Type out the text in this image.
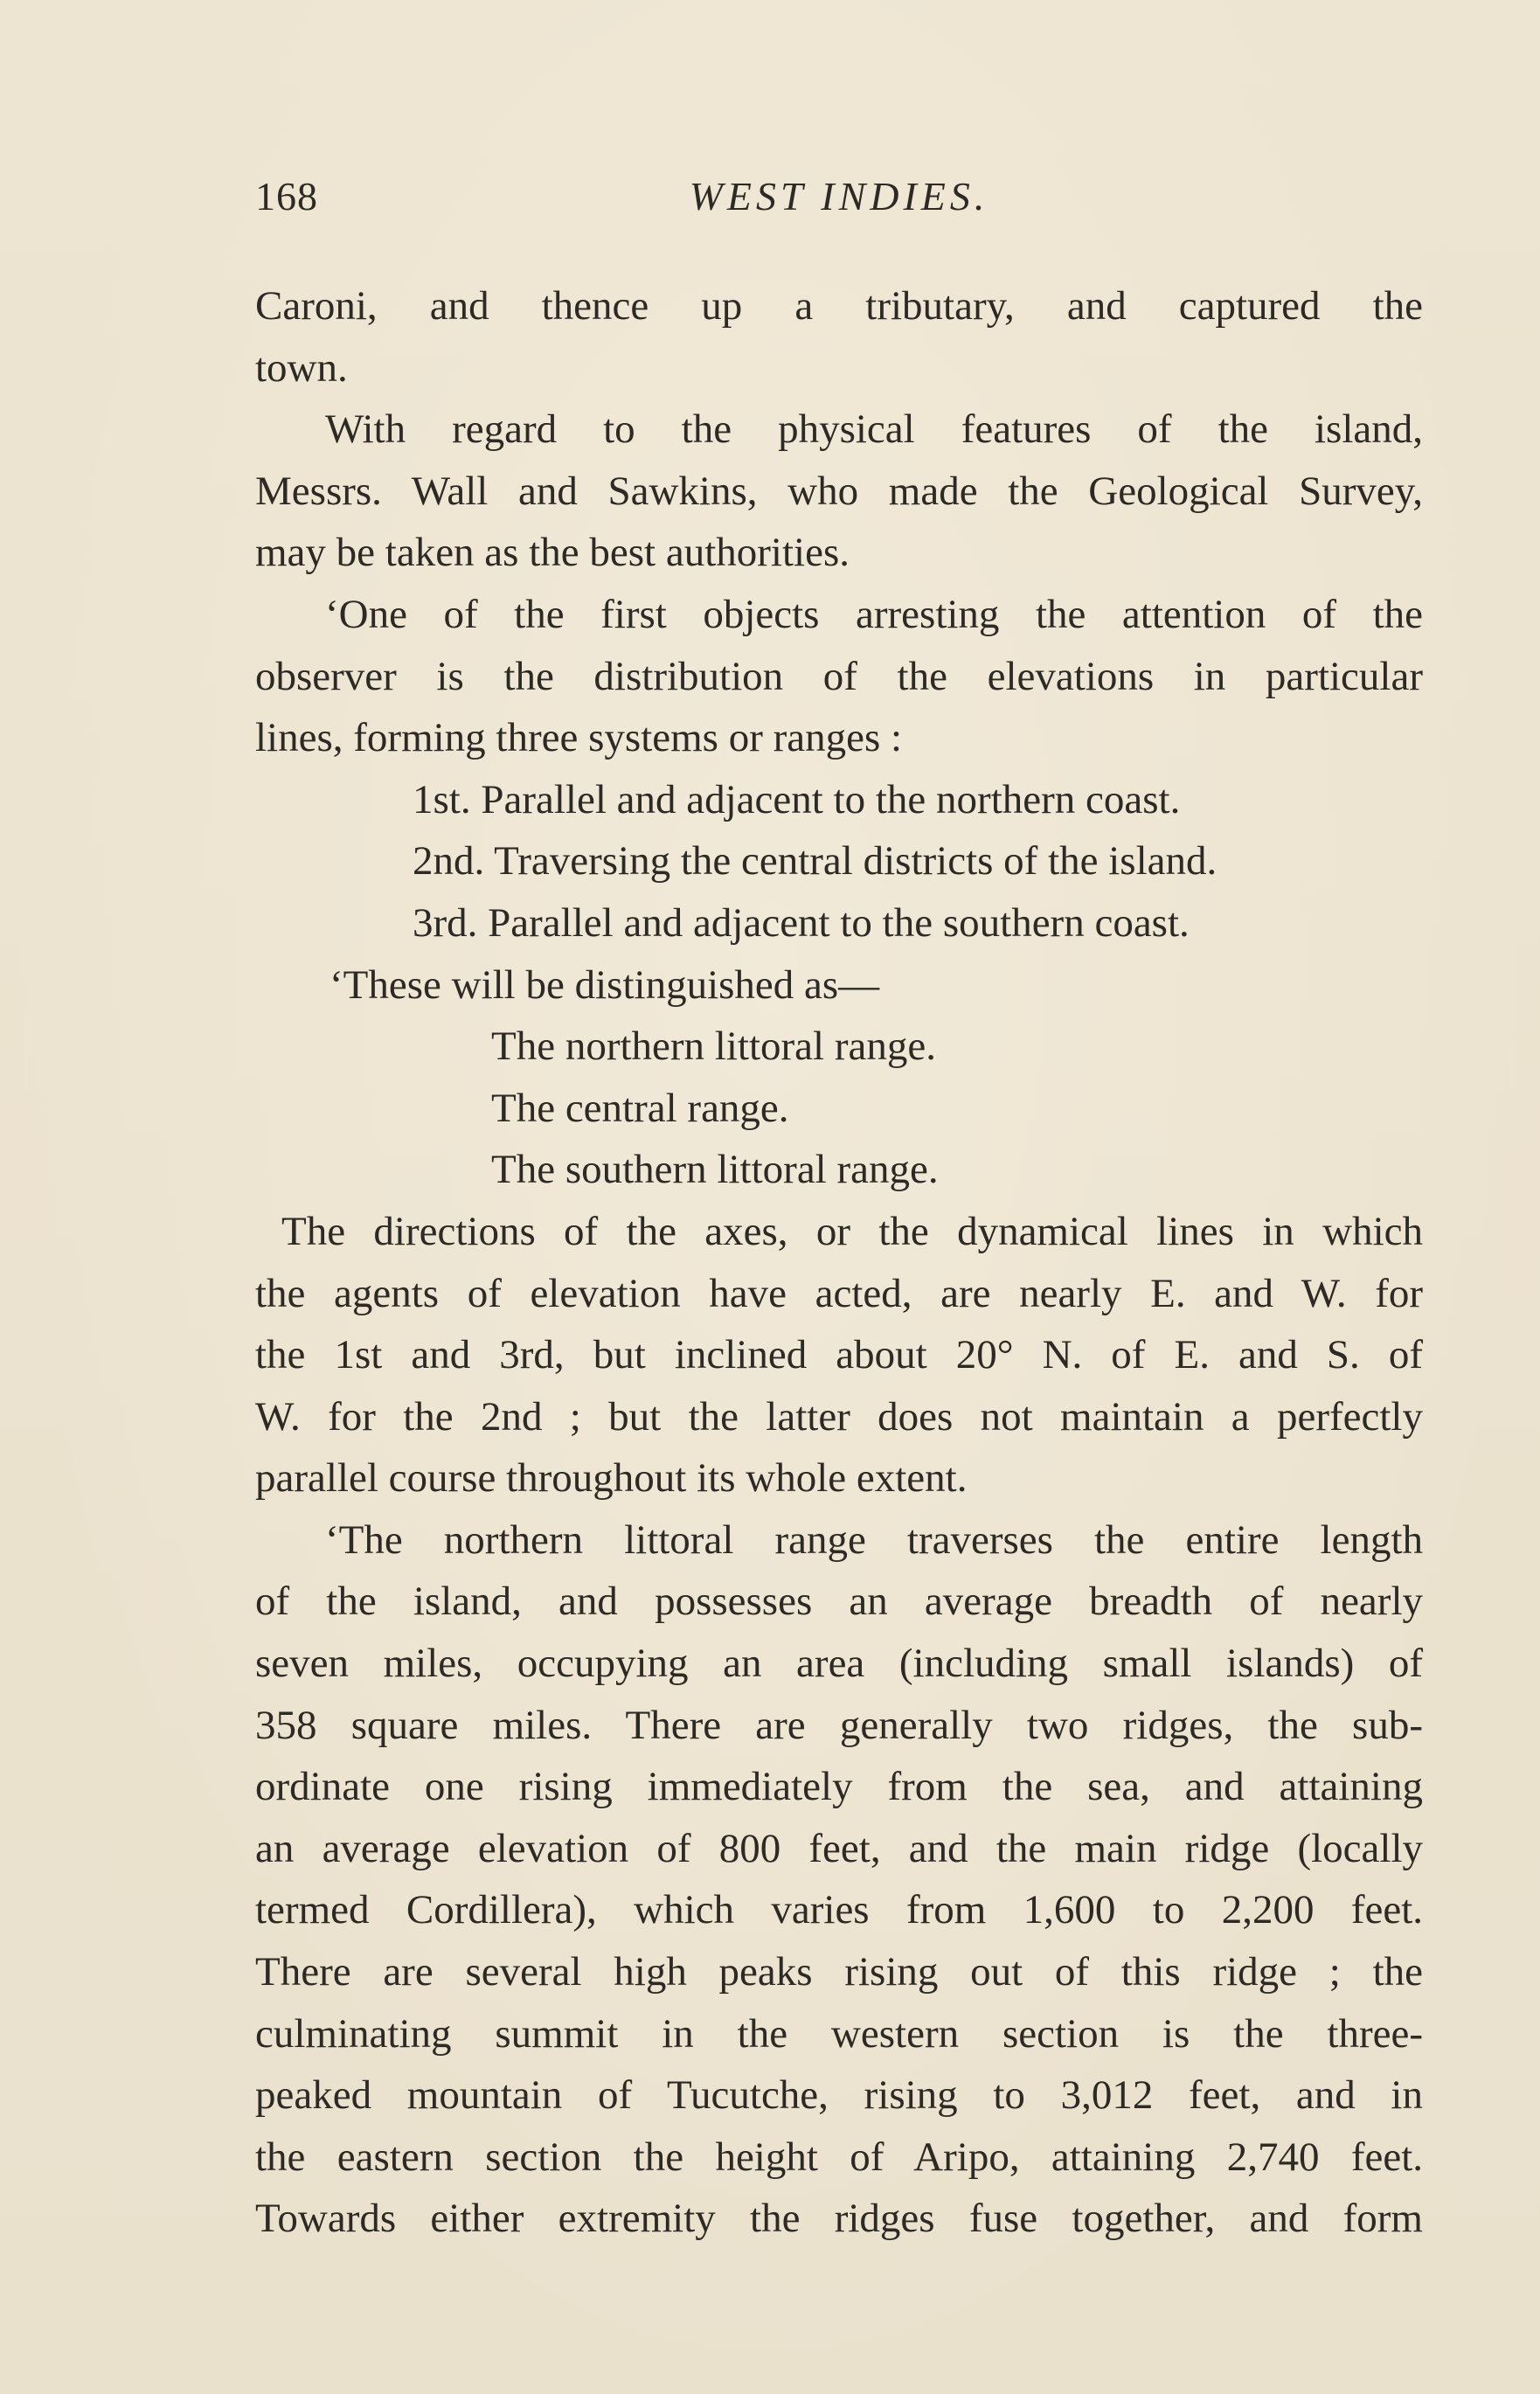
168	WEST INDIES.
Caroni, and thence up a tributary, and captured the
town.
With regard to the physical features of the island,
Messrs. Wall and Sawkins, who made the Geological Survey,
may be taken as the best authorities.
‘One of the first objects arresting the attention of the
observer is the distribution of the elevations in particular
lines, forming three systems or ranges :
1st. Parallel and adjacent to the northern coast.
2nd. Traversing the central districts of the island.
3rd. Parallel and adjacent to the southern coast.
‘These will be distinguished as—
The northern littoral range.
The central range.
The southern littoral range.
The directions of the axes, or the dynamical lines in which
the agents of elevation have acted, are nearly E. and W. for
the 1st and 3rd, but inclined about 20° N. of E. and S. of
W. for the 2nd ; but the latter does not maintain a perfectly
parallel course throughout its whole extent.
‘The northern littoral range traverses the entire length
of the island, and possesses an average breadth of nearly
seven miles, occupying an area (including small islands) of
358 square miles. There are generally two ridges, the sub-
ordinate one rising immediately from the sea, and attaining
an average elevation of 800 feet, and the main ridge (locally
termed Cordillera), which varies from 1,600 to 2,200 feet.
There are several high peaks rising out of this ridge ; the
culminating summit in the western section is the three-
peaked mountain of Tucutche, rising to 3,012 feet, and in
the eastern section the height of Aripo, attaining 2,740 feet.
Towards either extremity the ridges fuse together, and form
